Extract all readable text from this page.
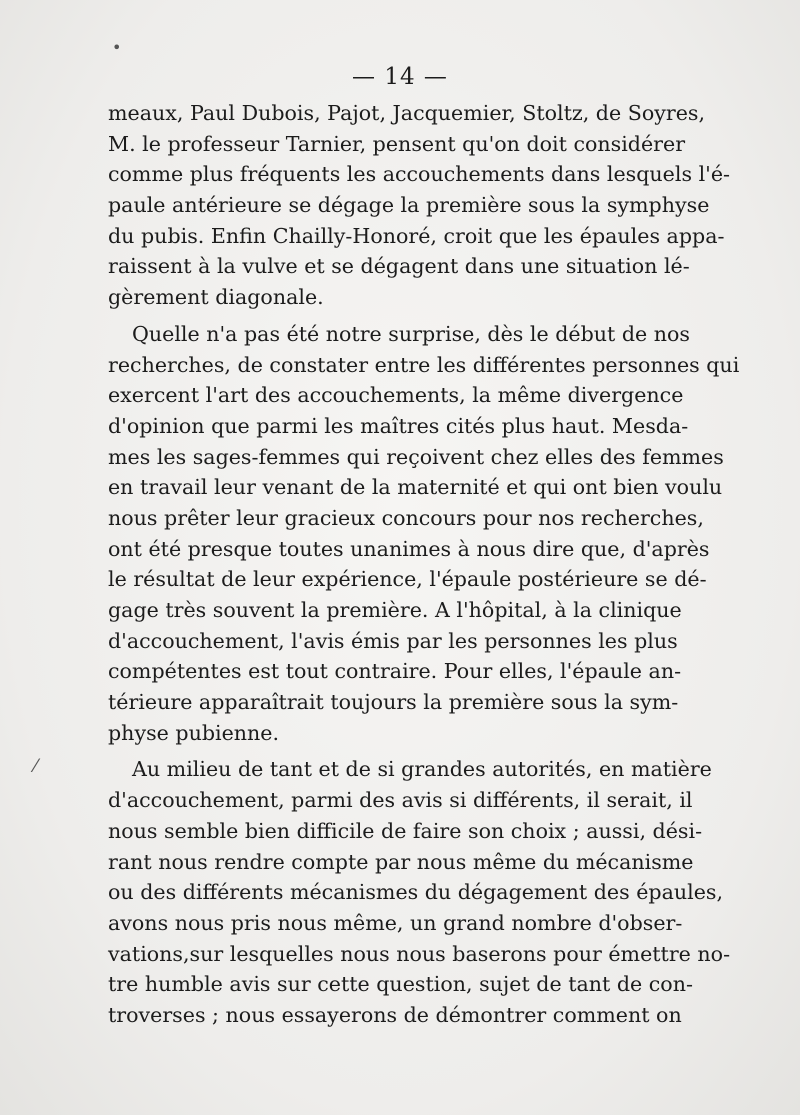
— 14 —
•
⁄
meaux, Paul Dubois, Pajot, Jacquemier, Stoltz, de Soyres,
M. le professeur Tarnier, pensent qu'on doit considérer
comme plus fréquents les accouchements dans lesquels l'é-
paule antérieure se dégage la première sous la symphyse
du pubis. Enfin Chailly-Honoré, croit que les épaules appa-
raissent à la vulve et se dégagent dans une situation lé-
gèrement diagonale.
Quelle n'a pas été notre surprise, dès le début de nos
recherches, de constater entre les différentes personnes qui
exercent l'art des accouchements, la même divergence
d'opinion que parmi les maîtres cités plus haut. Mesda-
mes les sages-femmes qui reçoivent chez elles des femmes
en travail leur venant de la maternité et qui ont bien voulu
nous prêter leur gracieux concours pour nos recherches,
ont été presque toutes unanimes à nous dire que, d'après
le résultat de leur expérience, l'épaule postérieure se dé-
gage très souvent la première. A l'hôpital, à la clinique
d'accouchement, l'avis émis par les personnes les plus
compétentes est tout contraire. Pour elles, l'épaule an-
térieure apparaîtrait toujours la première sous la sym-
physe pubienne.
Au milieu de tant et de si grandes autorités, en matière
d'accouchement, parmi des avis si différents, il serait, il
nous semble bien difficile de faire son choix ; aussi, dési-
rant nous rendre compte par nous même du mécanisme
ou des différents mécanismes du dégagement des épaules,
avons nous pris nous même, un grand nombre d'obser-
vations,sur lesquelles nous nous baserons pour émettre no-
tre humble avis sur cette question, sujet de tant de con-
troverses ; nous essayerons de démontrer comment on
